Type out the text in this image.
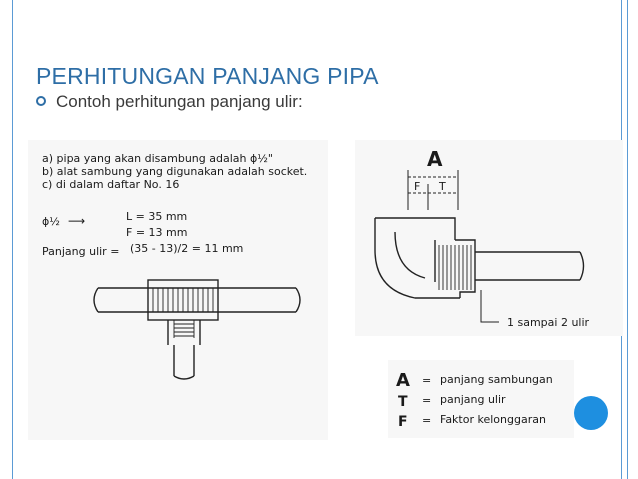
PERHITUNGAN PANJANG PIPA
Contoh perhitungan panjang ulir:
a) pipa yang akan disambung adalah ϕ½"
b) alat sambung yang digunakan adalah socket.
c) di dalam daftar No. 16
ϕ½ ⟶	L = 35 mm
F = 13 mm
Panjang ulir = (35 - 13)/2 = 11 mm
A
F T
1 sampai 2 ulir
A = panjang sambungan
T = panjang ulir
F = Faktor kelonggaran
